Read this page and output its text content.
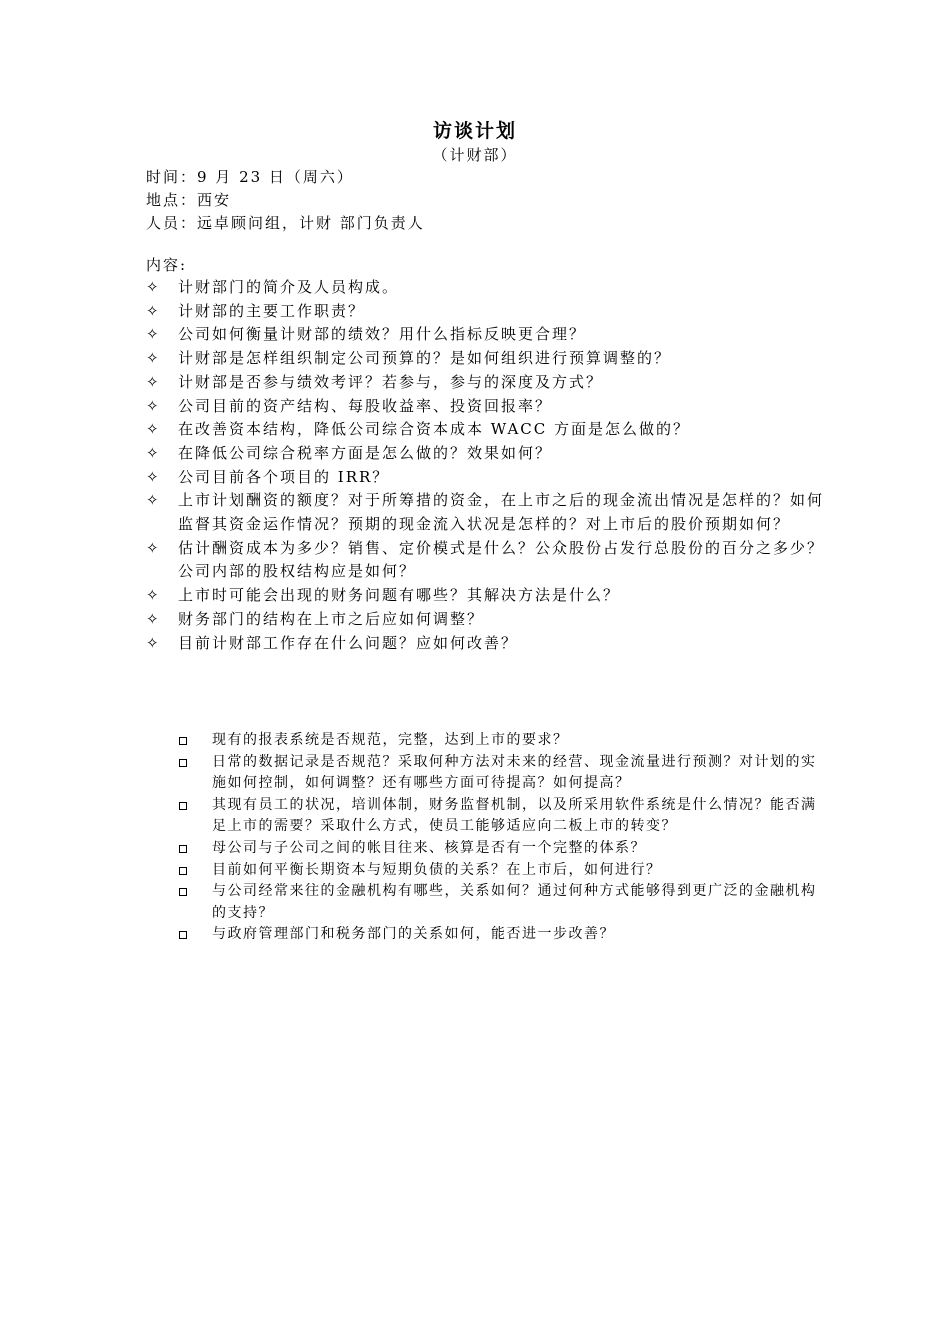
访谈计划
（计财部）
时间：9 月 23 日（周六）
地点：西安
人员：远卓顾问组，计财 部门负责人
内容:
✧	计财部门的简介及人员构成。
✧	计财部的主要工作职责？
✧	公司如何衡量计财部的绩效？用什么指标反映更合理？
✧	计财部是怎样组织制定公司预算的？是如何组织进行预算调整的？
✧	计财部是否参与绩效考评？若参与，参与的深度及方式？
✧	公司目前的资产结构、每股收益率、投资回报率？
✧	在改善资本结构，降低公司综合资本成本 WACC 方面是怎么做的？
✧	在降低公司综合税率方面是怎么做的？效果如何？
✧	公司目前各个项目的 IRR？
✧	上市计划酬资的额度？对于所筹措的资金，在上市之后的现金流出情况是怎样的？如何监督其资金运作情况？预期的现金流入状况是怎样的？对上市后的股价预期如何？
✧	估计酬资成本为多少？销售、定价模式是什么？公众股份占发行总股份的百分之多少？公司内部的股权结构应是如何？
✧	上市时可能会出现的财务问题有哪些？其解决方法是什么？
✧	财务部门的结构在上市之后应如何调整？
✧	目前计财部工作存在什么问题？应如何改善？
现有的报表系统是否规范，完整，达到上市的要求？
日常的数据记录是否规范？采取何种方法对未来的经营、现金流量进行预测？对计划的实施如何控制，如何调整？还有哪些方面可待提高？如何提高？
其现有员工的状况，培训体制，财务监督机制，以及所采用软件系统是什么情况？能否满足上市的需要？采取什么方式，使员工能够适应向二板上市的转变？
母公司与子公司之间的帐目往来、核算是否有一个完整的体系？
目前如何平衡长期资本与短期负债的关系？在上市后，如何进行？
与公司经常来往的金融机构有哪些，关系如何？通过何种方式能够得到更广泛的金融机构的支持？
与政府管理部门和税务部门的关系如何，能否进一步改善？
